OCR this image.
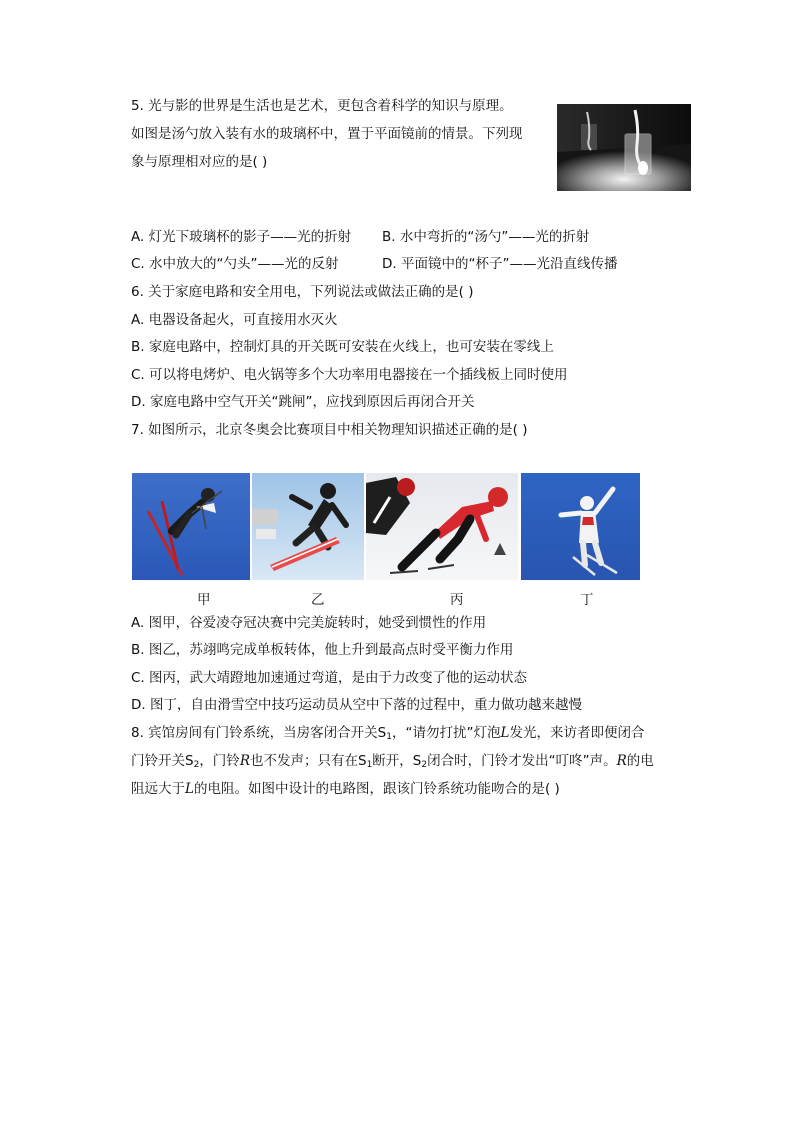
5. 光与影的世界是生活也是艺术，更包含着科学的知识与原理。
如图是汤勺放入装有水的玻璃杯中，置于平面镜前的情景。下列现
象与原理相对应的是( )
A. 灯光下玻璃杯的影子——光的折射 B. 水中弯折的“汤勺”——光的折射
C. 水中放大的“勺头”——光的反射	D. 平面镜中的“杯子”——光沿直线传播
6. 关于家庭电路和安全用电，下列说法或做法正确的是( )
A. 电器设备起火，可直接用水灭火
B. 家庭电路中，控制灯具的开关既可安装在火线上，也可安装在零线上
C. 可以将电烤炉、电火锅等多个大功率用电器接在一个插线板上同时使用
D. 家庭电路中空气开关“跳闸”，应找到原因后再闭合开关
7. 如图所示，北京冬奥会比赛项目中相关物理知识描述正确的是( )
甲	乙	丙	丁
A. 图甲，谷爱凌夺冠决赛中完美旋转时，她受到惯性的作用
B. 图乙，苏翊鸣完成单板转体，他上升到最高点时受平衡力作用
C. 图丙，武大靖蹬地加速通过弯道，是由于力改变了他的运动状态
D. 图丁，自由滑雪空中技巧运动员从空中下落的过程中，重力做功越来越慢
8. 宾馆房间有门铃系统，当房客闭合开关$S_1$，“请勿打扰”灯泡L发光，来访者即便闭合
门铃开关$S_2$，门铃R也不发声；只有在$S_1$断开，$S_2$闭合时，门铃才发出“叮咚”声。R的电
阻远大于L的电阻。如图中设计的电路图，跟该门铃系统功能吻合的是( )
